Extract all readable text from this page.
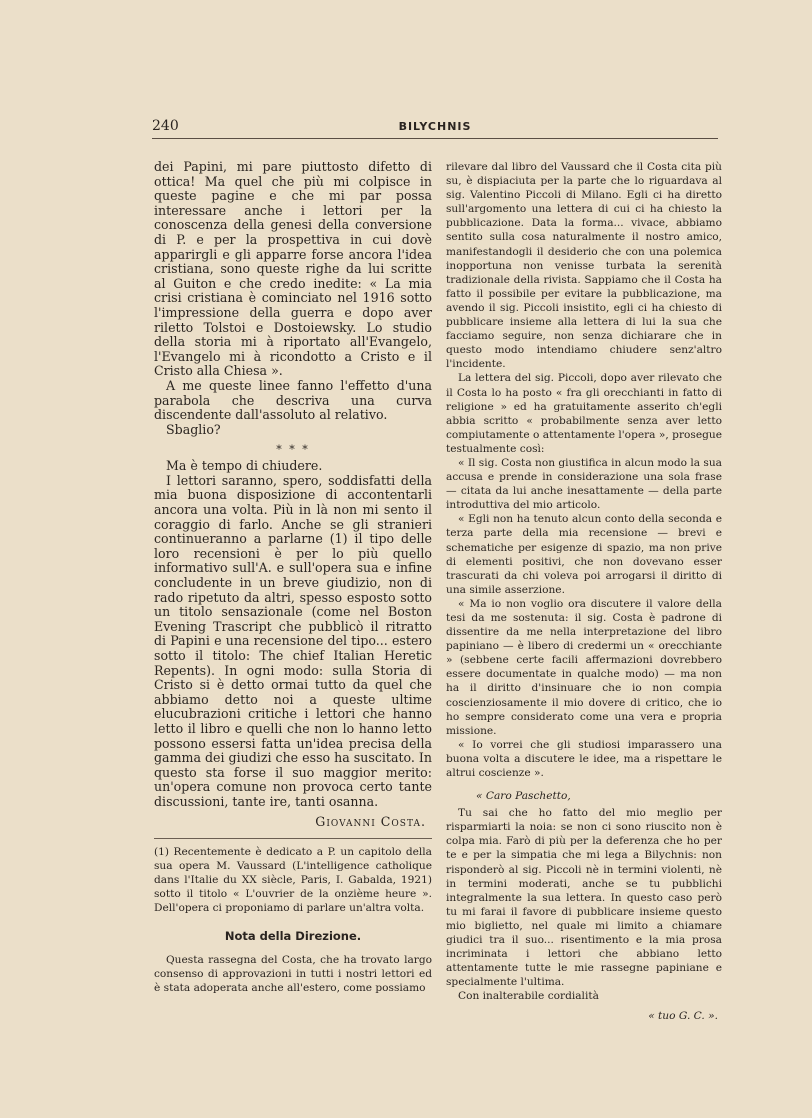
240	BILYCHNIS

dei Papini, mi pare piuttosto difetto di ottica! Ma quel che più mi colpisce in queste pagine e che mi par possa interessare anche i lettori per la conoscenza della genesi della conversione di P. e per la prospettiva in cui dovè apparirgli e gli apparre forse ancora l'idea cristiana, sono queste righe da lui scritte al Guiton e che credo inedite: « La mia crisi cristiana è cominciato nel 1916 sotto l'impressione della guerra e dopo aver riletto Tolstoi e Dostoiewsky. Lo studio della storia mi à riportato all'Evangelo, l'Evangelo mi à ricondotto a Cristo e il Cristo alla Chiesa ».

A me queste linee fanno l'effetto d'una parabola che descriva una curva discendente dall'assoluto al relativo.

Sbaglio?

* * *

Ma è tempo di chiudere.

I lettori saranno, spero, soddisfatti della mia buona disposizione di accontentarli ancora una volta. Più in là non mi sento il coraggio di farlo. Anche se gli stranieri continueranno a parlarne (1) il tipo delle loro recensioni è per lo più quello informativo sull'A. e sull'opera sua e infine concludente in un breve giudizio, non di rado ripetuto da altri, spesso esposto sotto un titolo sensazionale (come nel Boston Evening Trascript che pubblicò il ritratto di Papini e una recensione del tipo... estero sotto il titolo: The chief Italian Heretic Repents). In ogni modo: sulla Storia di Cristo si è detto ormai tutto da quel che abbiamo detto noi a queste ultime elucubrazioni critiche i lettori che hanno letto il libro e quelli che non lo hanno letto possono essersi fatta un'idea precisa della gamma dei giudizi che esso ha suscitato. In questo sta forse il suo maggior merito: un'opera comune non provoca certo tante discussioni, tante ire, tanti osanna.

Giovanni Costa.

(1) Recentemente è dedicato a P. un capitolo della sua opera M. Vaussard (L'intelligence catholique dans l'Italie du XX siècle, Paris, I. Gabalda, 1921) sotto il titolo « L'ouvrier de la onzième heure ». Dell'opera ci proponiamo di parlare un'altra volta.

Nota della Direzione.

Questa rassegna del Costa, che ha trovato largo consenso di approvazioni in tutti i nostri lettori ed è stata adoperata anche all'estero, come possiamo

rilevare dal libro del Vaussard che il Costa cita più su, è dispiaciuta per la parte che lo riguardava al sig. Valentino Piccoli di Milano. Egli ci ha diretto sull'argomento una lettera di cui ci ha chiesto la pubblicazione. Data la forma... vivace, abbiamo sentito sulla cosa naturalmente il nostro amico, manifestandogli il desiderio che con una polemica inopportuna non venisse turbata la serenità tradizionale della rivista. Sappiamo che il Costa ha fatto il possibile per evitare la pubblicazione, ma avendo il sig. Piccoli insistito, egli ci ha chiesto di pubblicare insieme alla lettera di lui la sua che facciamo seguire, non senza dichiarare che in questo modo intendiamo chiudere senz'altro l'incidente.

La lettera del sig. Piccoli, dopo aver rilevato che il Costa lo ha posto « fra gli orecchianti in fatto di religione » ed ha gratuitamente asserito ch'egli abbia scritto « probabilmente senza aver letto compiutamente o attentamente l'opera », prosegue testualmente così:

« Il sig. Costa non giustifica in alcun modo la sua accusa e prende in considerazione una sola frase — citata da lui anche inesattamente — della parte introduttiva del mio articolo.

« Egli non ha tenuto alcun conto della seconda e terza parte della mia recensione — brevi e schematiche per esigenze di spazio, ma non prive di elementi positivi, che non dovevano esser trascurati da chi voleva poi arrogarsi il diritto di una simile asserzione.

« Ma io non voglio ora discutere il valore della tesi da me sostenuta: il sig. Costa è padrone di dissentire da me nella interpretazione del libro papiniano — è libero di credermi un « orecchiante » (sebbene certe facili affermazioni dovrebbero essere documentate in qualche modo) — ma non ha il diritto d'insinuare che io non compia coscienziosamente il mio dovere di critico, che io ho sempre considerato come una vera e propria missione.

« Io vorrei che gli studiosi imparassero una buona volta a discutere le idee, ma a rispettare le altrui coscienze ».

« Caro Paschetto,

Tu sai che ho fatto del mio meglio per risparmiarti la noia: se non ci sono riuscito non è colpa mia. Farò di più per la deferenza che ho per te e per la simpatia che mi lega a Bilychnis: non risponderò al sig. Piccoli nè in termini violenti, nè in termini moderati, anche se tu pubblichi integralmente la sua lettera. In questo caso però tu mi farai il favore di pubblicare insieme questo mio biglietto, nel quale mi limito a chiamare giudici tra il suo... risentimento e la mia prosa incriminata i lettori che abbiano letto attentamente tutte le mie rassegne papiniane e specialmente l'ultima.

Con inalterabile cordialità

« tuo G. C. ».
